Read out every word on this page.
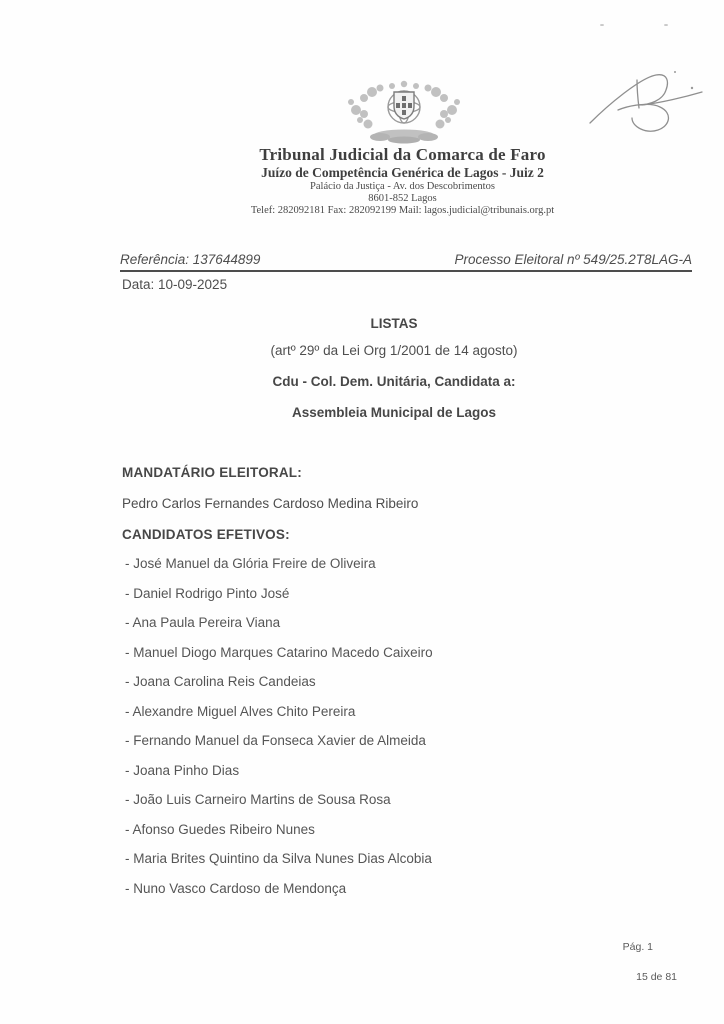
Tribunal Judicial da Comarca de Faro
Juízo de Competência Genérica de Lagos - Juiz 2
Palácio da Justiça - Av. dos Descobrimentos
8601-852 Lagos
Telef: 282092181 Fax: 282092199 Mail: lagos.judicial@tribunais.org.pt
Referência: 137644899	Processo Eleitoral nº 549/25.2T8LAG-A
Data: 10-09-2025
LISTAS
(artº 29º da Lei Org 1/2001 de 14 agosto)
Cdu - Col. Dem. Unitária, Candidata a:
Assembleia Municipal de Lagos
MANDATÁRIO ELEITORAL:
Pedro Carlos Fernandes Cardoso Medina Ribeiro
CANDIDATOS EFETIVOS:
- José Manuel da Glória Freire de Oliveira
- Daniel Rodrigo Pinto José
- Ana Paula Pereira Viana
- Manuel Diogo Marques Catarino Macedo Caixeiro
- Joana Carolina Reis Candeias
- Alexandre Miguel Alves Chito Pereira
- Fernando Manuel da Fonseca Xavier de Almeida
- Joana Pinho Dias
- João Luis Carneiro Martins de Sousa Rosa
- Afonso Guedes Ribeiro Nunes
- Maria Brites Quintino da Silva Nunes Dias Alcobia
- Nuno Vasco Cardoso de Mendonça
Pág. 1
15 de 81
